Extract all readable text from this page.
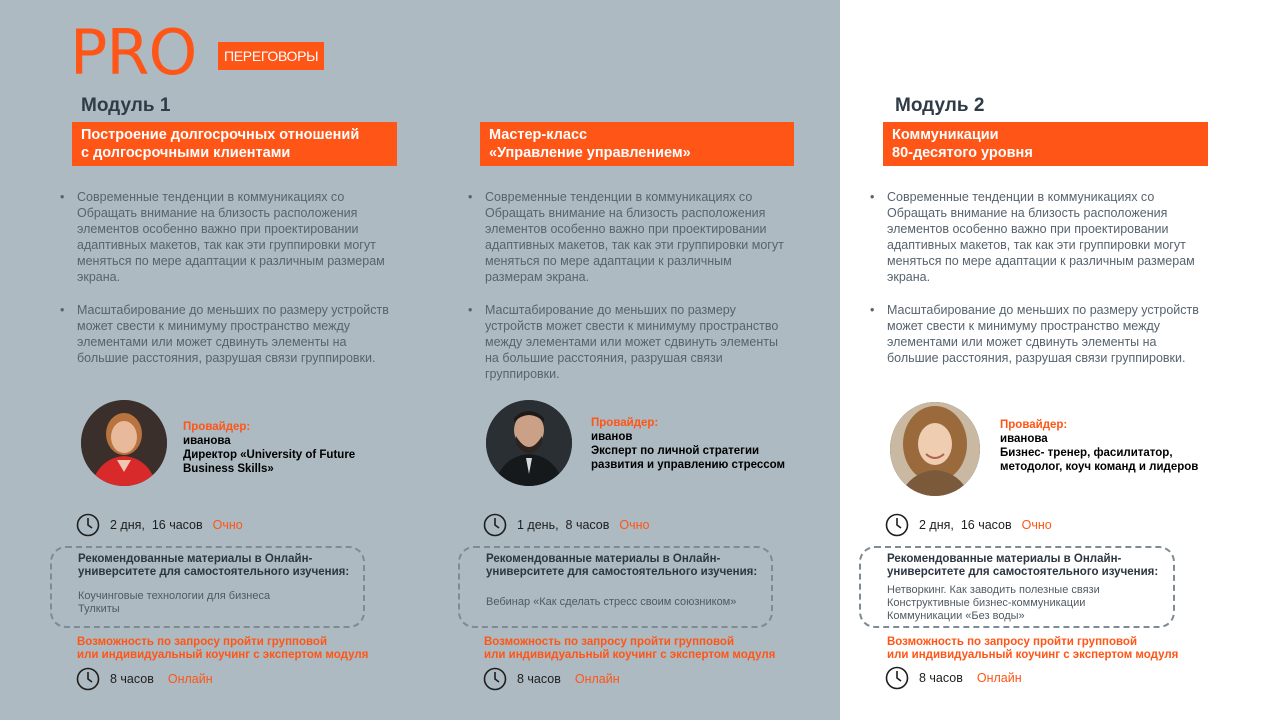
PRO	ПЕРЕГОВОРЫ
Модуль 1	Модуль 2
Построение долгосрочных отношений
с долгосрочными клиентами
• Современные тенденции в коммуникациях со Обращать внимание на близость расположения элементов особенно важно при проектировании адаптивных макетов, так как эти группировки могут меняться по мере адаптации к различным размерам экрана.
• Масштабирование до меньших по размеру устройств может свести к минимуму пространство между элементами или может сдвинуть элементы на большие расстояния, разрушая связи группировки.
Провайдер:
иванова
Директор «University of Future Business Skills»
2 дня,
16 часов Очно
Рекомендованные материалы в Онлайн-университете для самостоятельного изучения:
Коучинговые технологии для бизнеса
Тулкиты
Возможность по запросу пройти групповой
или индивидуальный коучинг с экспертом модуля
8 часов Онлайн
Мастер-класс
«Управление управлением»
• Современные тенденции в коммуникациях со Обращать внимание на близость расположения элементов особенно важно при проектировании адаптивных макетов, так как эти группировки могут меняться по мере адаптации к различным размерам экрана.
• Масштабирование до меньших по размеру устройств может свести к минимуму пространство между элементами или может сдвинуть элементы на большие расстояния, разрушая связи группировки.
Провайдер:
иванов
Эксперт по личной стратегии развития и управлению стрессом
1 день,
8 часов Очно
Рекомендованные материалы в Онлайн-университете для самостоятельного изучения:
Вебинар «Как сделать стресс своим союзником»
Возможность по запросу пройти групповой
или индивидуальный коучинг с экспертом модуля
8 часов Онлайн
Коммуникации
80-десятого уровня
• Современные тенденции в коммуникациях со Обращать внимание на близость расположения элементов особенно важно при проектировании адаптивных макетов, так как эти группировки могут меняться по мере адаптации к различным размерам экрана.
• Масштабирование до меньших по размеру устройств может свести к минимуму пространство между элементами или может сдвинуть элементы на большие расстояния, разрушая связи группировки.
Провайдер:
иванова
Бизнес- тренер, фасилитатор, методолог, коуч команд и лидеров
2 дня,
16 часов Очно
Рекомендованные материалы в Онлайн-университете для самостоятельного изучения:
Нетворкинг. Как заводить полезные связи
Конструктивные бизнес-коммуникации
Коммуникации «Без воды»
Возможность по запросу пройти групповой
или индивидуальный коучинг с экспертом модуля
8 часов Онлайн
